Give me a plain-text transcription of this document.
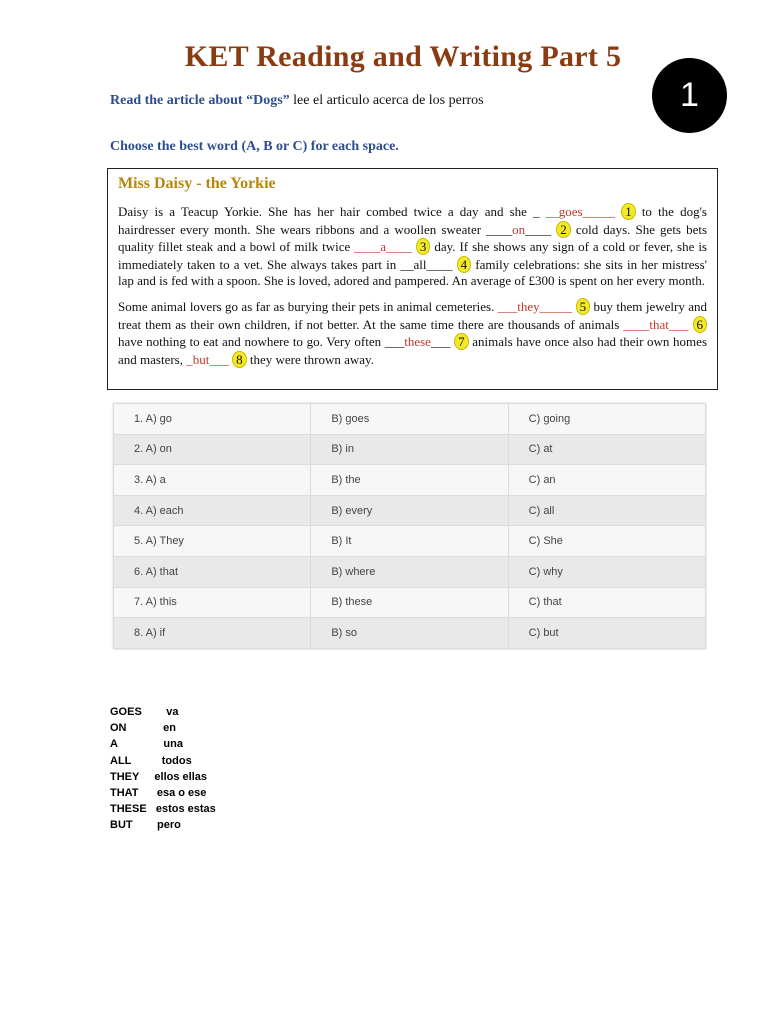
KET Reading and Writing Part 5
1
Read the article about “Dogs” lee el articulo acerca de los perros
Choose the best word (A, B or C) for each space.
Miss Daisy - the Yorkie

Daisy is a Teacup Yorkie. She has her hair combed twice a day and she _ __goes_____ 1 to the dog's hairdresser every month. She wears ribbons and a woollen sweater ____on____ 2 cold days. She gets bets quality fillet steak and a bowl of milk twice ____a____ 3 day. If she shows any sign of a cold or fever, she is immediately taken to a vet. She always takes part in __all____ 4 family celebrations: she sits in her mistress' lap and is fed with a spoon. She is loved, adored and pampered. An average of £300 is spent on her every month.

Some animal lovers go as far as burying their pets in animal cemeteries. ___they_____ 5 buy them jewelry and treat them as their own children, if not better. At the same time there are thousands of animals ____that___ 6 have nothing to eat and nowhere to go. Very often ___these___ 7 animals have once also had their own homes and masters, _but___ 8 they were thrown away.

1. A) go	B) goes	C) going
2. A) on	B) in	C) at
3. A) a	B) the	C) an
4. A) each	B) every	C) all
5. A) They	B) It	C) She
6. A) that	B) where	C) why
7. A) this	B) these	C) that
8. A) if	B) so	C) but
GOES        va
ON            en
A               una
ALL          todos
THEY     ellos ellas
THAT      esa o ese
THESE   estos estas
BUT        pero
